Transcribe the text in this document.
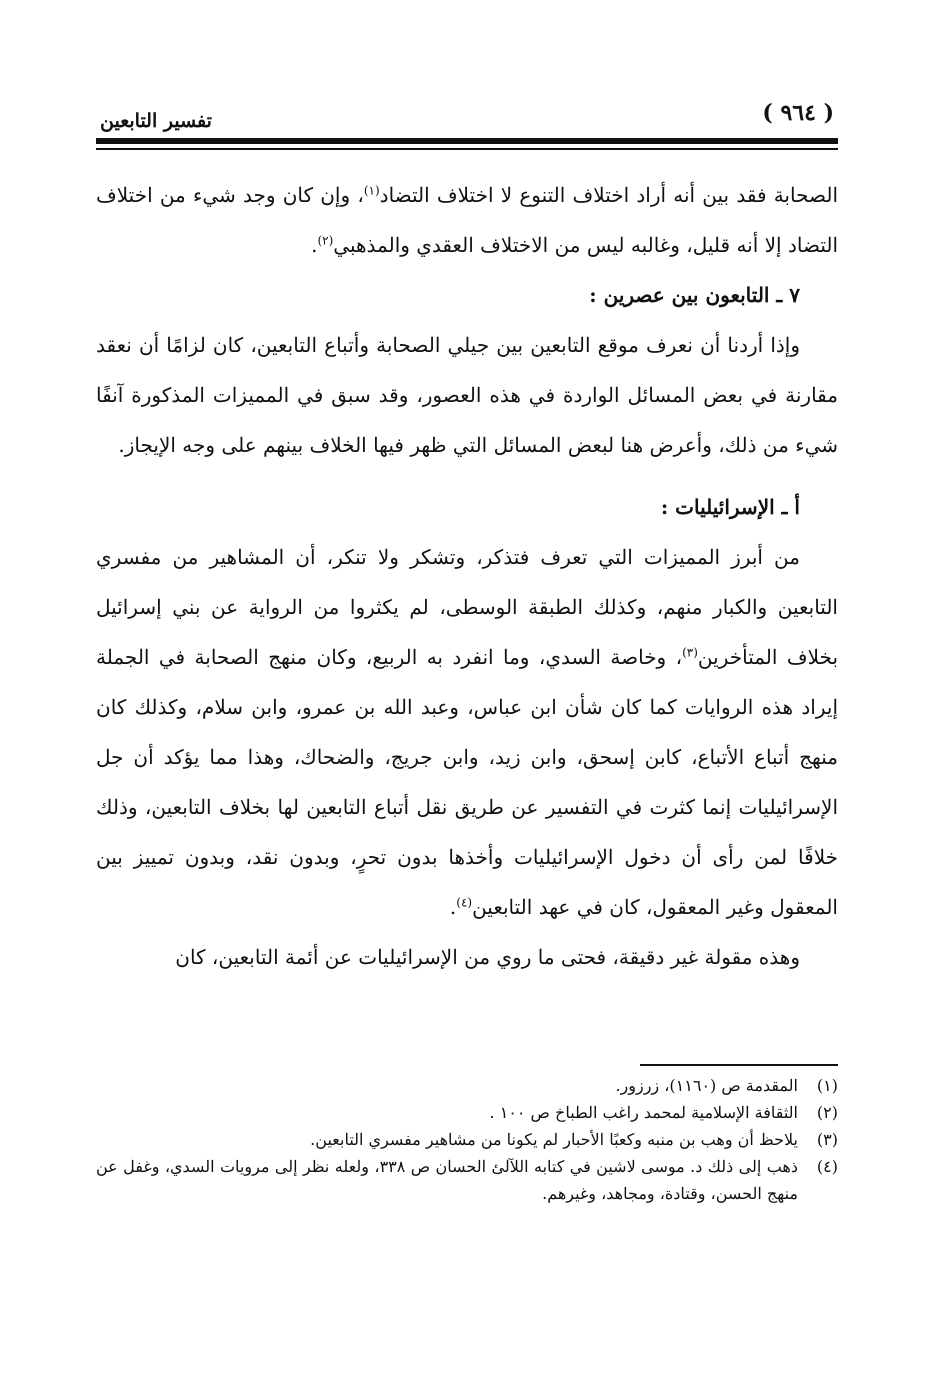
( ٩٦٤ )
تفسير التابعين

الصحابة فقد بين أنه أراد اختلاف التنوع لا اختلاف التضاد$^{(١)}$، وإن كان وجد شيء من اختلاف التضاد إلا أنه قليل، وغالبه ليس من الاختلاف العقدي والمذهبي$^{(٢)}$.

٧ ـ التابعون بين عصرين :

وإذا أردنا أن نعرف موقع التابعين بين جيلي الصحابة وأتباع التابعين، كان لزامًا أن نعقد مقارنة في بعض المسائل الواردة في هذه العصور، وقد سبق في المميزات المذكورة آنفًا شيء من ذلك، وأعرض هنا لبعض المسائل التي ظهر فيها الخلاف بينهم على وجه الإيجاز.

أ ـ الإسرائيليات :

من أبرز المميزات التي تعرف فتذكر، وتشكر ولا تنكر، أن المشاهير من مفسري التابعين والكبار منهم، وكذلك الطبقة الوسطى، لم يكثروا من الرواية عن بني إسرائيل بخلاف المتأخرين$^{(٣)}$، وخاصة السدي، وما انفرد به الربيع، وكان منهج الصحابة في الجملة إيراد هذه الروايات كما كان شأن ابن عباس، وعبد الله بن عمرو، وابن سلام، وكذلك كان منهج أتباع الأتباع، كابن إسحق، وابن زيد، وابن جريج، والضحاك، وهذا مما يؤكد أن جل الإسرائيليات إنما كثرت في التفسير عن طريق نقل أتباع التابعين لها بخلاف التابعين، وذلك خلافًا لمن رأى أن دخول الإسرائيليات وأخذها بدون تحرٍ، وبدون نقد، وبدون تمييز بين المعقول وغير المعقول، كان في عهد التابعين$^{(٤)}$.

وهذه مقولة غير دقيقة، فحتى ما روي من الإسرائيليات عن أئمة التابعين، كان

(١)
المقدمة ص (١١٦٠)، زرزور.
(٢)
الثقافة الإسلامية لمحمد راغب الطباخ ص ١٠٠ .
(٣)
يلاحظ أن وهب بن منبه وكعبًا الأحبار لم يكونا من مشاهير مفسري التابعين.
(٤)
ذهب إلى ذلك د. موسى لاشين في كتابه اللآلئ الحسان ص ٣٣٨، ولعله نظر إلى مرويات السدي، وغفل عن منهج الحسن، وقتادة، ومجاهد، وغيرهم.
